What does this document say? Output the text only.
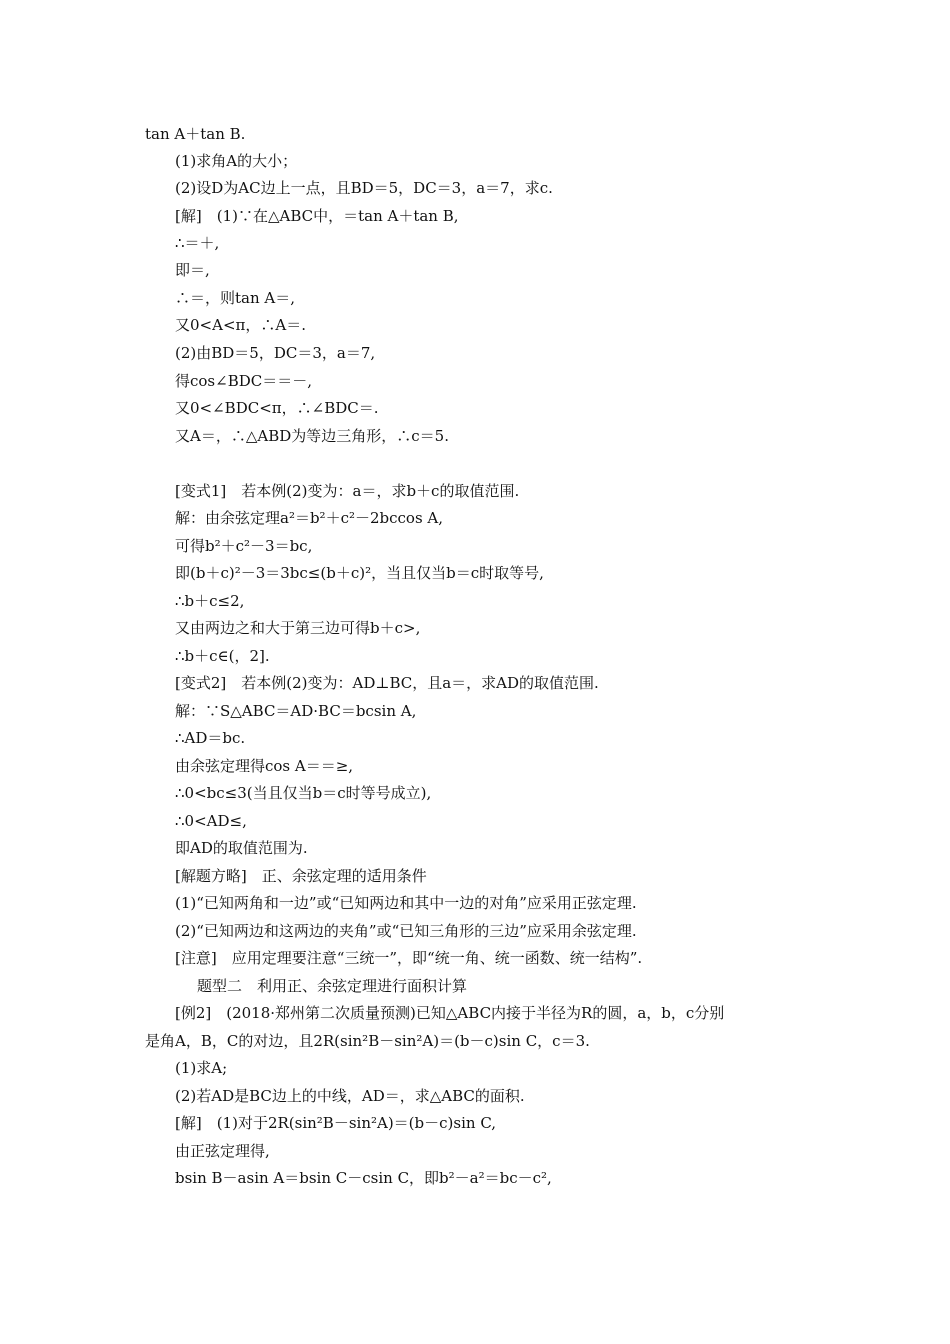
tan A＋tan B.
(1)求角A的大小；
(2)设D为AC边上一点，且BD＝5，DC＝3，a＝7，求c.
[解]　(1)∵在△ABC中，＝tan A＋tan B,
∴＝＋,
即＝,
∴＝，则tan A＝,
又0<A<π，∴A＝.
(2)由BD＝5，DC＝3，a＝7,
得cos∠BDC＝＝－,
又0<∠BDC<π，∴∠BDC＝.
又A＝，∴△ABD为等边三角形，∴c＝5.
[变式1]　若本例(2)变为：a＝，求b＋c的取值范围.
解：由余弦定理a²＝b²＋c²－2bccos A,
可得b²＋c²－3＝bc,
即(b＋c)²－3＝3bc≤(b＋c)²，当且仅当b＝c时取等号,
∴b＋c≤2,
又由两边之和大于第三边可得b＋c>,
∴b＋c∈(，2].
[变式2]　若本例(2)变为：AD⊥BC，且a＝，求AD的取值范围.
解：∵S△ABC＝AD·BC＝bcsin A,
∴AD＝bc.
由余弦定理得cos A＝＝≥,
∴0<bc≤3(当且仅当b＝c时等号成立),
∴0<AD≤,
即AD的取值范围为.
[解题方略]　正、余弦定理的适用条件
(1)“已知两角和一边”或“已知两边和其中一边的对角”应采用正弦定理.
(2)“已知两边和这两边的夹角”或“已知三角形的三边”应采用余弦定理.
[注意]　应用定理要注意“三统一”，即“统一角、统一函数、统一结构”.
题型二　利用正、余弦定理进行面积计算
[例2]　(2018·郑州第二次质量预测)已知△ABC内接于半径为R的圆，a，b，c分别
是角A，B，C的对边，且2R(sin²B－sin²A)＝(b－c)sin C，c＝3.
(1)求A;
(2)若AD是BC边上的中线，AD＝，求△ABC的面积.
[解]　(1)对于2R(sin²B－sin²A)＝(b－c)sin C,
由正弦定理得,
bsin B－asin A＝bsin C－csin C，即b²－a²＝bc－c²,
